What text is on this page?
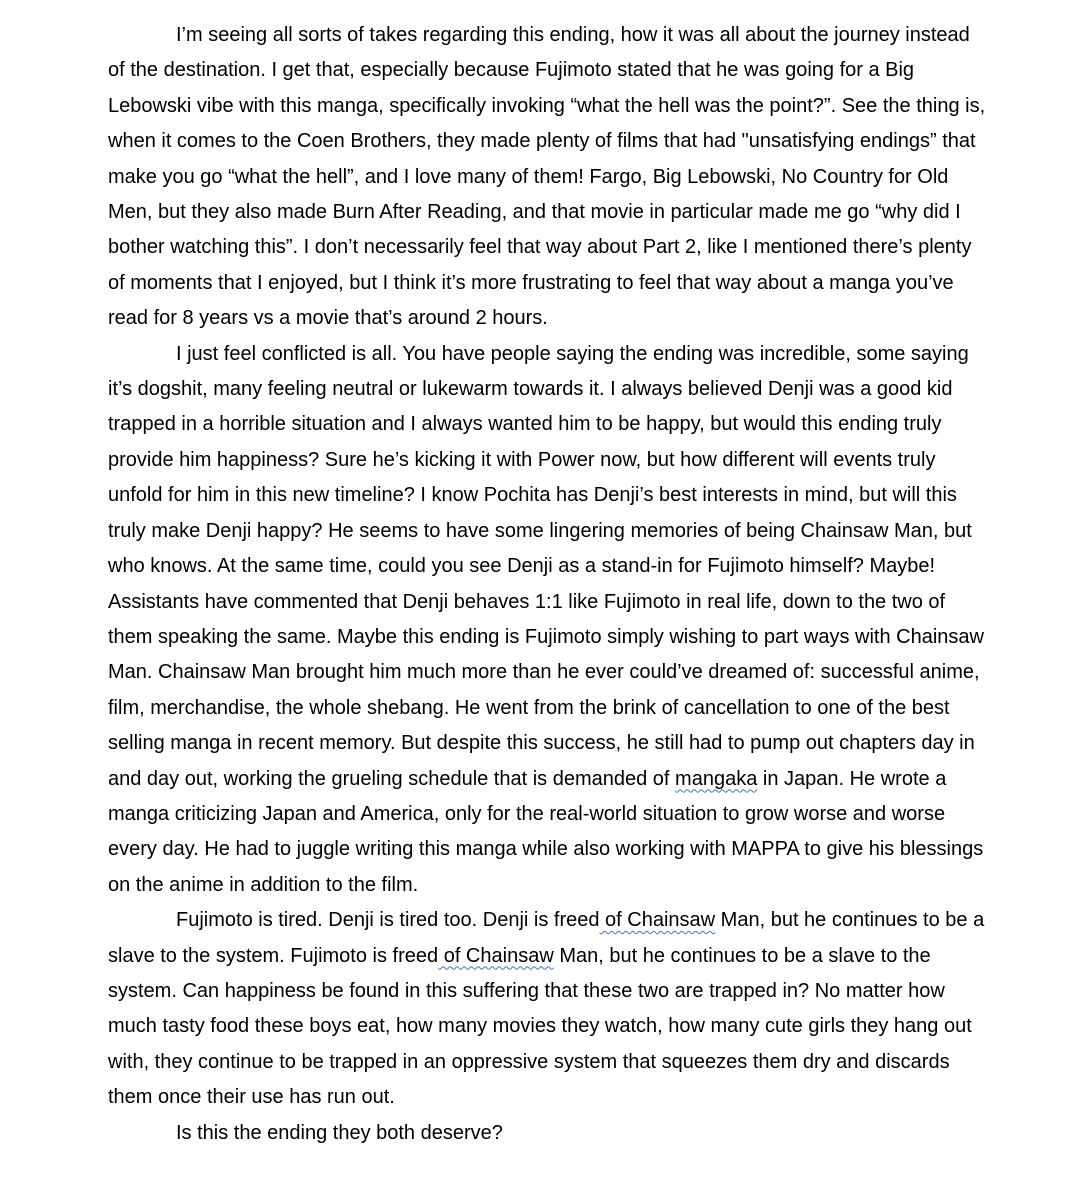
I’m seeing all sorts of takes regarding this ending, how it was all about the journey instead of the destination. I get that, especially because Fujimoto stated that he was going for a Big Lebowski vibe with this manga, specifically invoking “what the hell was the point?”. See the thing is, when it comes to the Coen Brothers, they made plenty of films that had "unsatisfying endings” that make you go “what the hell”, and I love many of them! Fargo, Big Lebowski, No Country for Old Men, but they also made Burn After Reading, and that movie in particular made me go “why did I bother watching this”. I don’t necessarily feel that way about Part 2, like I mentioned there’s plenty of moments that I enjoyed, but I think it’s more frustrating to feel that way about a manga you’ve read for 8 years vs a movie that’s around 2 hours.

I just feel conflicted is all. You have people saying the ending was incredible, some saying it’s dogshit, many feeling neutral or lukewarm towards it. I always believed Denji was a good kid trapped in a horrible situation and I always wanted him to be happy, but would this ending truly provide him happiness? Sure he’s kicking it with Power now, but how different will events truly unfold for him in this new timeline? I know Pochita has Denji’s best interests in mind, but will this truly make Denji happy? He seems to have some lingering memories of being Chainsaw Man, but who knows. At the same time, could you see Denji as a stand-in for Fujimoto himself? Maybe! Assistants have commented that Denji behaves 1:1 like Fujimoto in real life, down to the two of them speaking the same. Maybe this ending is Fujimoto simply wishing to part ways with Chainsaw Man. Chainsaw Man brought him much more than he ever could’ve dreamed of: successful anime, film, merchandise, the whole shebang. He went from the brink of cancellation to one of the best selling manga in recent memory. But despite this success, he still had to pump out chapters day in and day out, working the grueling schedule that is demanded of mangaka in Japan. He wrote a manga criticizing Japan and America, only for the real-world situation to grow worse and worse every day. He had to juggle writing this manga while also working with MAPPA to give his blessings on the anime in addition to the film.

Fujimoto is tired. Denji is tired too. Denji is freed of Chainsaw Man, but he continues to be a slave to the system. Fujimoto is freed of Chainsaw Man, but he continues to be a slave to the system. Can happiness be found in this suffering that these two are trapped in? No matter how much tasty food these boys eat, how many movies they watch, how many cute girls they hang out with, they continue to be trapped in an oppressive system that squeezes them dry and discards them once their use has run out.

Is this the ending they both deserve?
